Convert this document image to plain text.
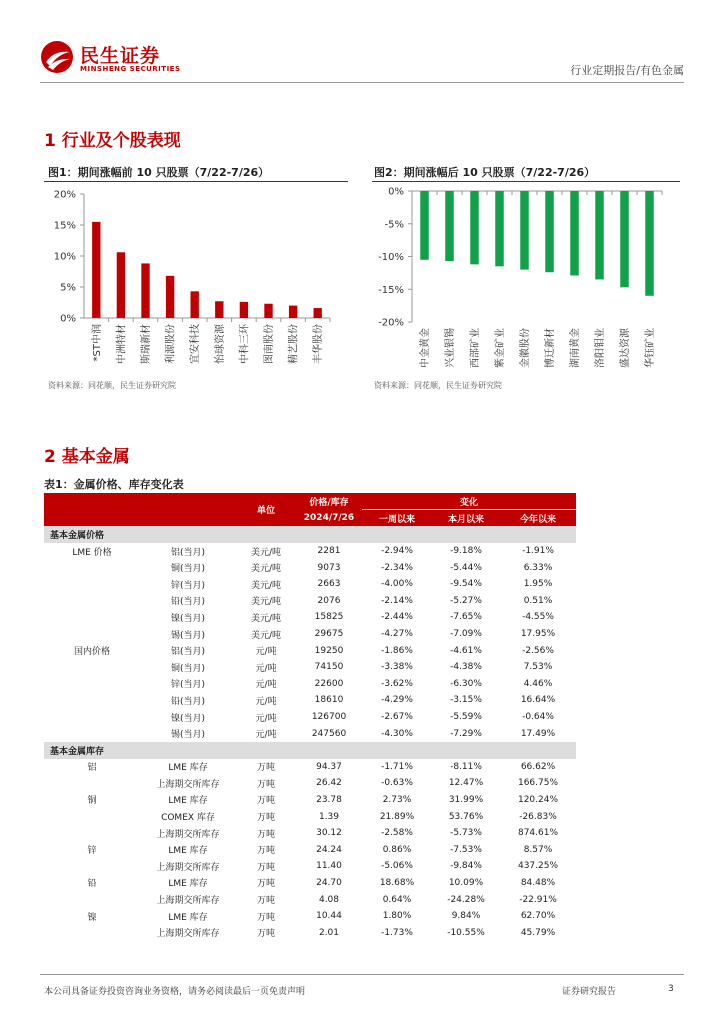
民生证券
MINSHENG SECURITIES	行业定期报告/有色金属
1 行业及个股表现
图1：期间涨幅前 10 只股票（7/22-7/26）
0%
5%
10%
15%
20%
*ST中润 中洲特材 斯瑞新材 利源股份 宜安科技 怡球资源 中科三环 图南股份 精艺股份 丰华股份
资料来源：同花顺，民生证券研究院
图2：期间涨幅后 10 只股票（7/22-7/26）
0%
-5%
-10%
-15%
-20%
中金黄金 兴业银锡 西部矿业 紫金矿业 金徽股份 博迁新材 湖南黄金 洛阳钼业 盛达资源 华钰矿业
资料来源：同花顺，民生证券研究院
2 基本金属
表1：金属价格、库存变化表
		单位	价格/库存	变化		
			2024/7/26	一周以来	本月以来	今年以来
基本金属价格						
LME 价格	铝(当月)	美元/吨	2281	-2.94%	-9.18%	-1.91%
	铜(当月)	美元/吨	9073	-2.34%	-5.44%	6.33%
	锌(当月)	美元/吨	2663	-4.00%	-9.54%	1.95%
	铅(当月)	美元/吨	2076	-2.14%	-5.27%	0.51%
	镍(当月)	美元/吨	15825	-2.44%	-7.65%	-4.55%
	锡(当月)	美元/吨	29675	-4.27%	-7.09%	17.95%
国内价格	铝(当月)	元/吨	19250	-1.86%	-4.61%	-2.56%
	铜(当月)	元/吨	74150	-3.38%	-4.38%	7.53%
	锌(当月)	元/吨	22600	-3.62%	-6.30%	4.46%
	铅(当月)	元/吨	18610	-4.29%	-3.15%	16.64%
	镍(当月)	元/吨	126700	-2.67%	-5.59%	-0.64%
	锡(当月)	元/吨	247560	-4.30%	-7.29%	17.49%
基本金属库存						
铝	LME 库存	万吨	94.37	-1.71%	-8.11%	66.62%
	上海期交所库存	万吨	26.42	-0.63%	12.47%	166.75%
铜	LME 库存	万吨	23.78	2.73%	31.99%	120.24%
	COMEX 库存	万吨	1.39	21.89%	53.76%	-26.83%
	上海期交所库存	万吨	30.12	-2.58%	-5.73%	874.61%
锌	LME 库存	万吨	24.24	0.86%	-7.53%	8.57%
	上海期交所库存	万吨	11.40	-5.06%	-9.84%	437.25%
铅	LME 库存	万吨	24.70	18.68%	10.09%	84.48%
	上海期交所库存	万吨	4.08	0.64%	-24.28%	-22.91%
镍	LME 库存	万吨	10.44	1.80%	9.84%	62.70%
	上海期交所库存	万吨	2.01	-1.73%	-10.55%	45.79%
本公司具备证券投资咨询业务资格，请务必阅读最后一页免责声明	证券研究报告	3
